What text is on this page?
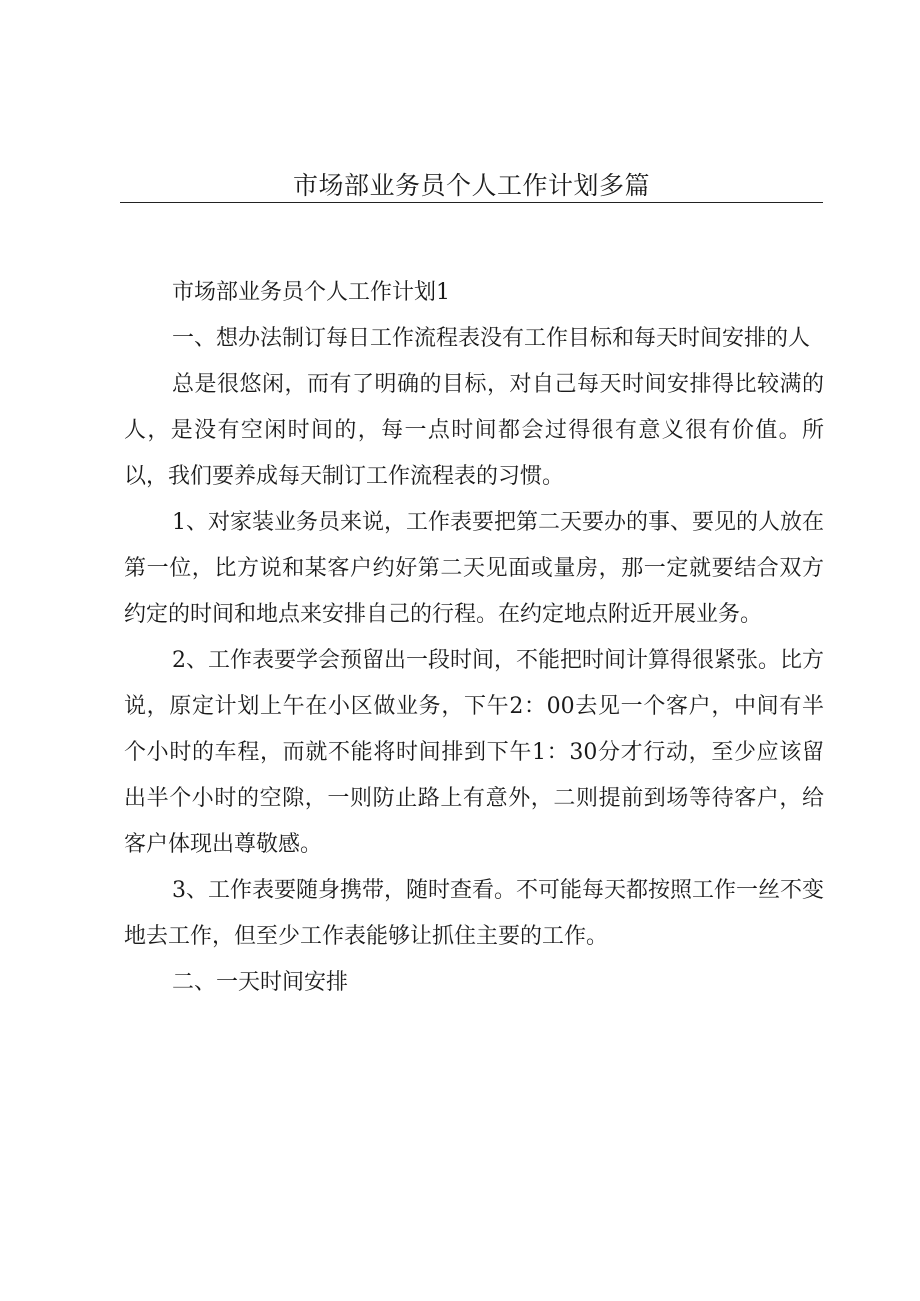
市场部业务员个人工作计划多篇

市场部业务员个人工作计划1

一、想办法制订每日工作流程表没有工作目标和每天时间安排的人

总是很悠闲，而有了明确的目标，对自己每天时间安排得比较满的人，是没有空闲时间的，每一点时间都会过得很有意义很有价值。所以，我们要养成每天制订工作流程表的习惯。

1、对家装业务员来说，工作表要把第二天要办的事、要见的人放在第一位，比方说和某客户约好第二天见面或量房，那一定就要结合双方约定的时间和地点来安排自己的行程。在约定地点附近开展业务。

2、工作表要学会预留出一段时间，不能把时间计算得很紧张。比方说，原定计划上午在小区做业务，下午2：00去见一个客户，中间有半个小时的车程，而就不能将时间排到下午1：30分才行动，至少应该留出半个小时的空隙，一则防止路上有意外，二则提前到场等待客户，给客户体现出尊敬感。

3、工作表要随身携带，随时查看。不可能每天都按照工作一丝不变地去工作，但至少工作表能够让抓住主要的工作。

二、一天时间安排
